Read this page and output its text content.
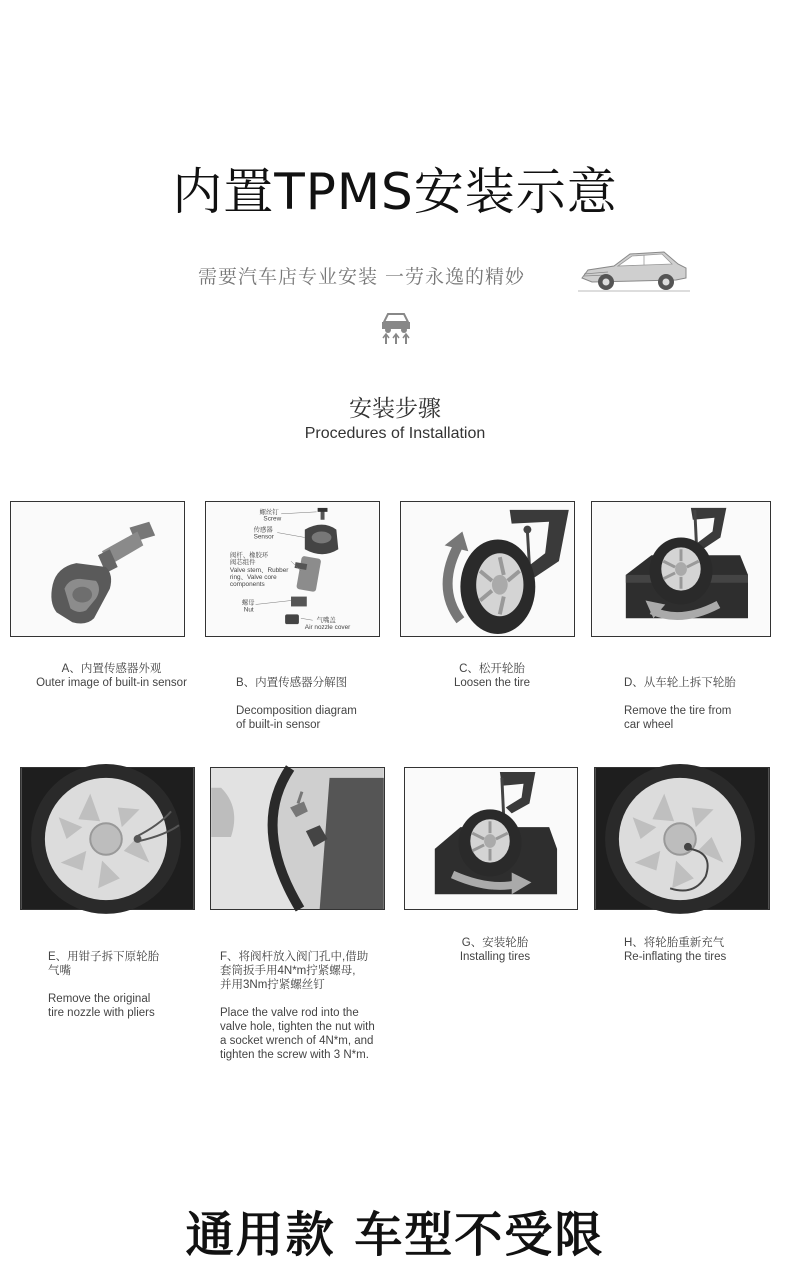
内置TPMS安装示意
需要汽车店专业安装 一劳永逸的精妙
安装步骤
Procedures of Installation
螺丝钉
Screw
传感器
Sensor
阀杆、橡胶环
阀芯组件
Valve stem、Rubber
ring、Valve core
components
螺母
Nut
气嘴盖
Air nozzle cover
A、内置传感器外观
Outer image of built-in sensor	B、内置传感器分解图

Decomposition diagram
of built-in sensor

C、松开轮胎
Loosen the tire	D、从车轮上拆下轮胎

Remove the tire from
car wheel

E、用钳子拆下原轮胎
气嘴

Remove the original
tire nozzle with pliers

F、将阀杆放入阀门孔中,借助
套筒扳手用4N*m拧紧螺母,
并用3Nm拧紧螺丝钉

Place the valve rod into the
valve hole, tighten the nut with
a socket wrench of 4N*m, and
tighten the screw with 3 N*m.

G、安装轮胎
Installing tires
H、将轮胎重新充气
Re-inflating the tires
通用款 车型不受限
